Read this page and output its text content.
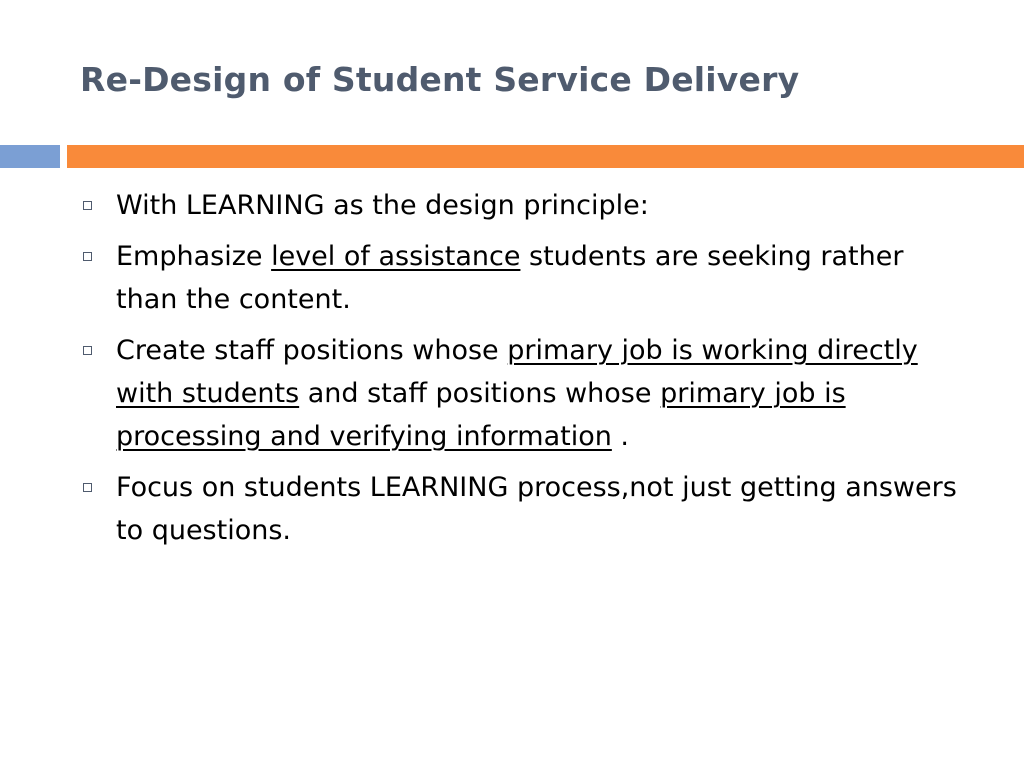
Re-Design of Student Service Delivery
With LEARNING as the design principle:
Emphasize level of assistance students are seeking rather than the content.
Create staff positions whose primary job is working directly with students and staff positions whose primary job is processing and verifying information .
Focus on students LEARNING process,not just getting answers to questions.
